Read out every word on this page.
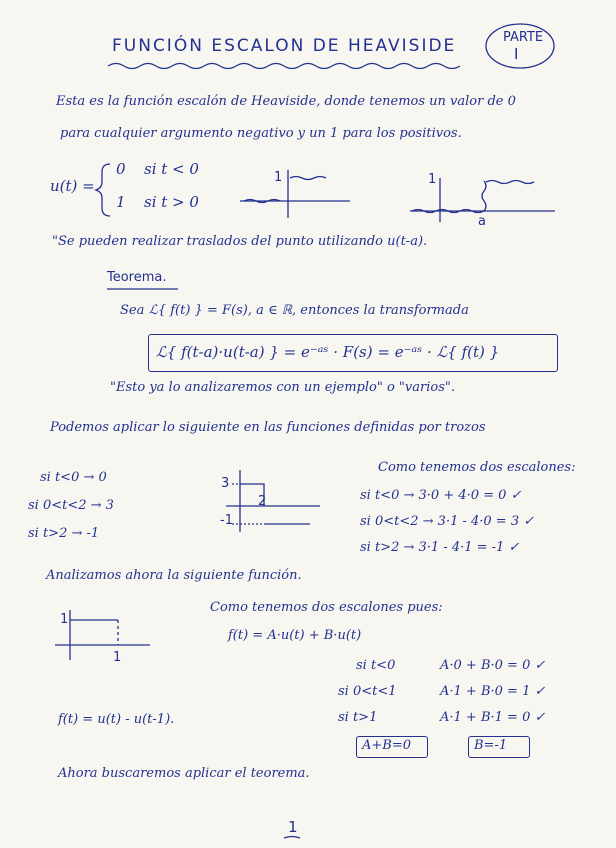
FUNCIÓN ESCALON DE HEAVISIDE	PARTE
I
Esta es la función escalón de Heaviside, donde tenemos un valor de 0
para cualquier argumento negativo y un 1 para los positivos.
u(t) =
0 si t < 0
1 si t > 0
1	1
a
"Se pueden realizar traslados del punto utilizando u(t-a).
Teorema.
Sea ℒ{ f(t) } = F(s), a ∈ ℝ, entonces la transformada
ℒ{ f(t-a)·u(t-a) } = e⁻ᵃˢ · F(s) = e⁻ᵃˢ · ℒ{ f(t) }
"Esto ya lo analizaremos con un ejemplo" o "varios".
Podemos aplicar lo siguiente en las funciones definidas por trozos
si t<0 → 0
si 0<t<2 → 3
si t>2 → -1
3
-1
2
Como tenemos dos escalones:
si t<0 → 3·0 + 4·0 = 0 ✓
si 0<t<2 → 3·1 - 4·0 = 3 ✓
si t>2 → 3·1 - 4·1 = -1 ✓
Analizamos ahora la siguiente función.
1
1
Como tenemos dos escalones pues:
f(t) = A·u(t) + B·u(t)
si t<0	A·0 + B·0 = 0 ✓
si 0<t<1	A·1 + B·0 = 1 ✓
si t>1	A·1 + B·1 = 0 ✓
f(t) = u(t) - u(t-1).
A+B=0	B=-1
Ahora buscaremos aplicar el teorema.
1
